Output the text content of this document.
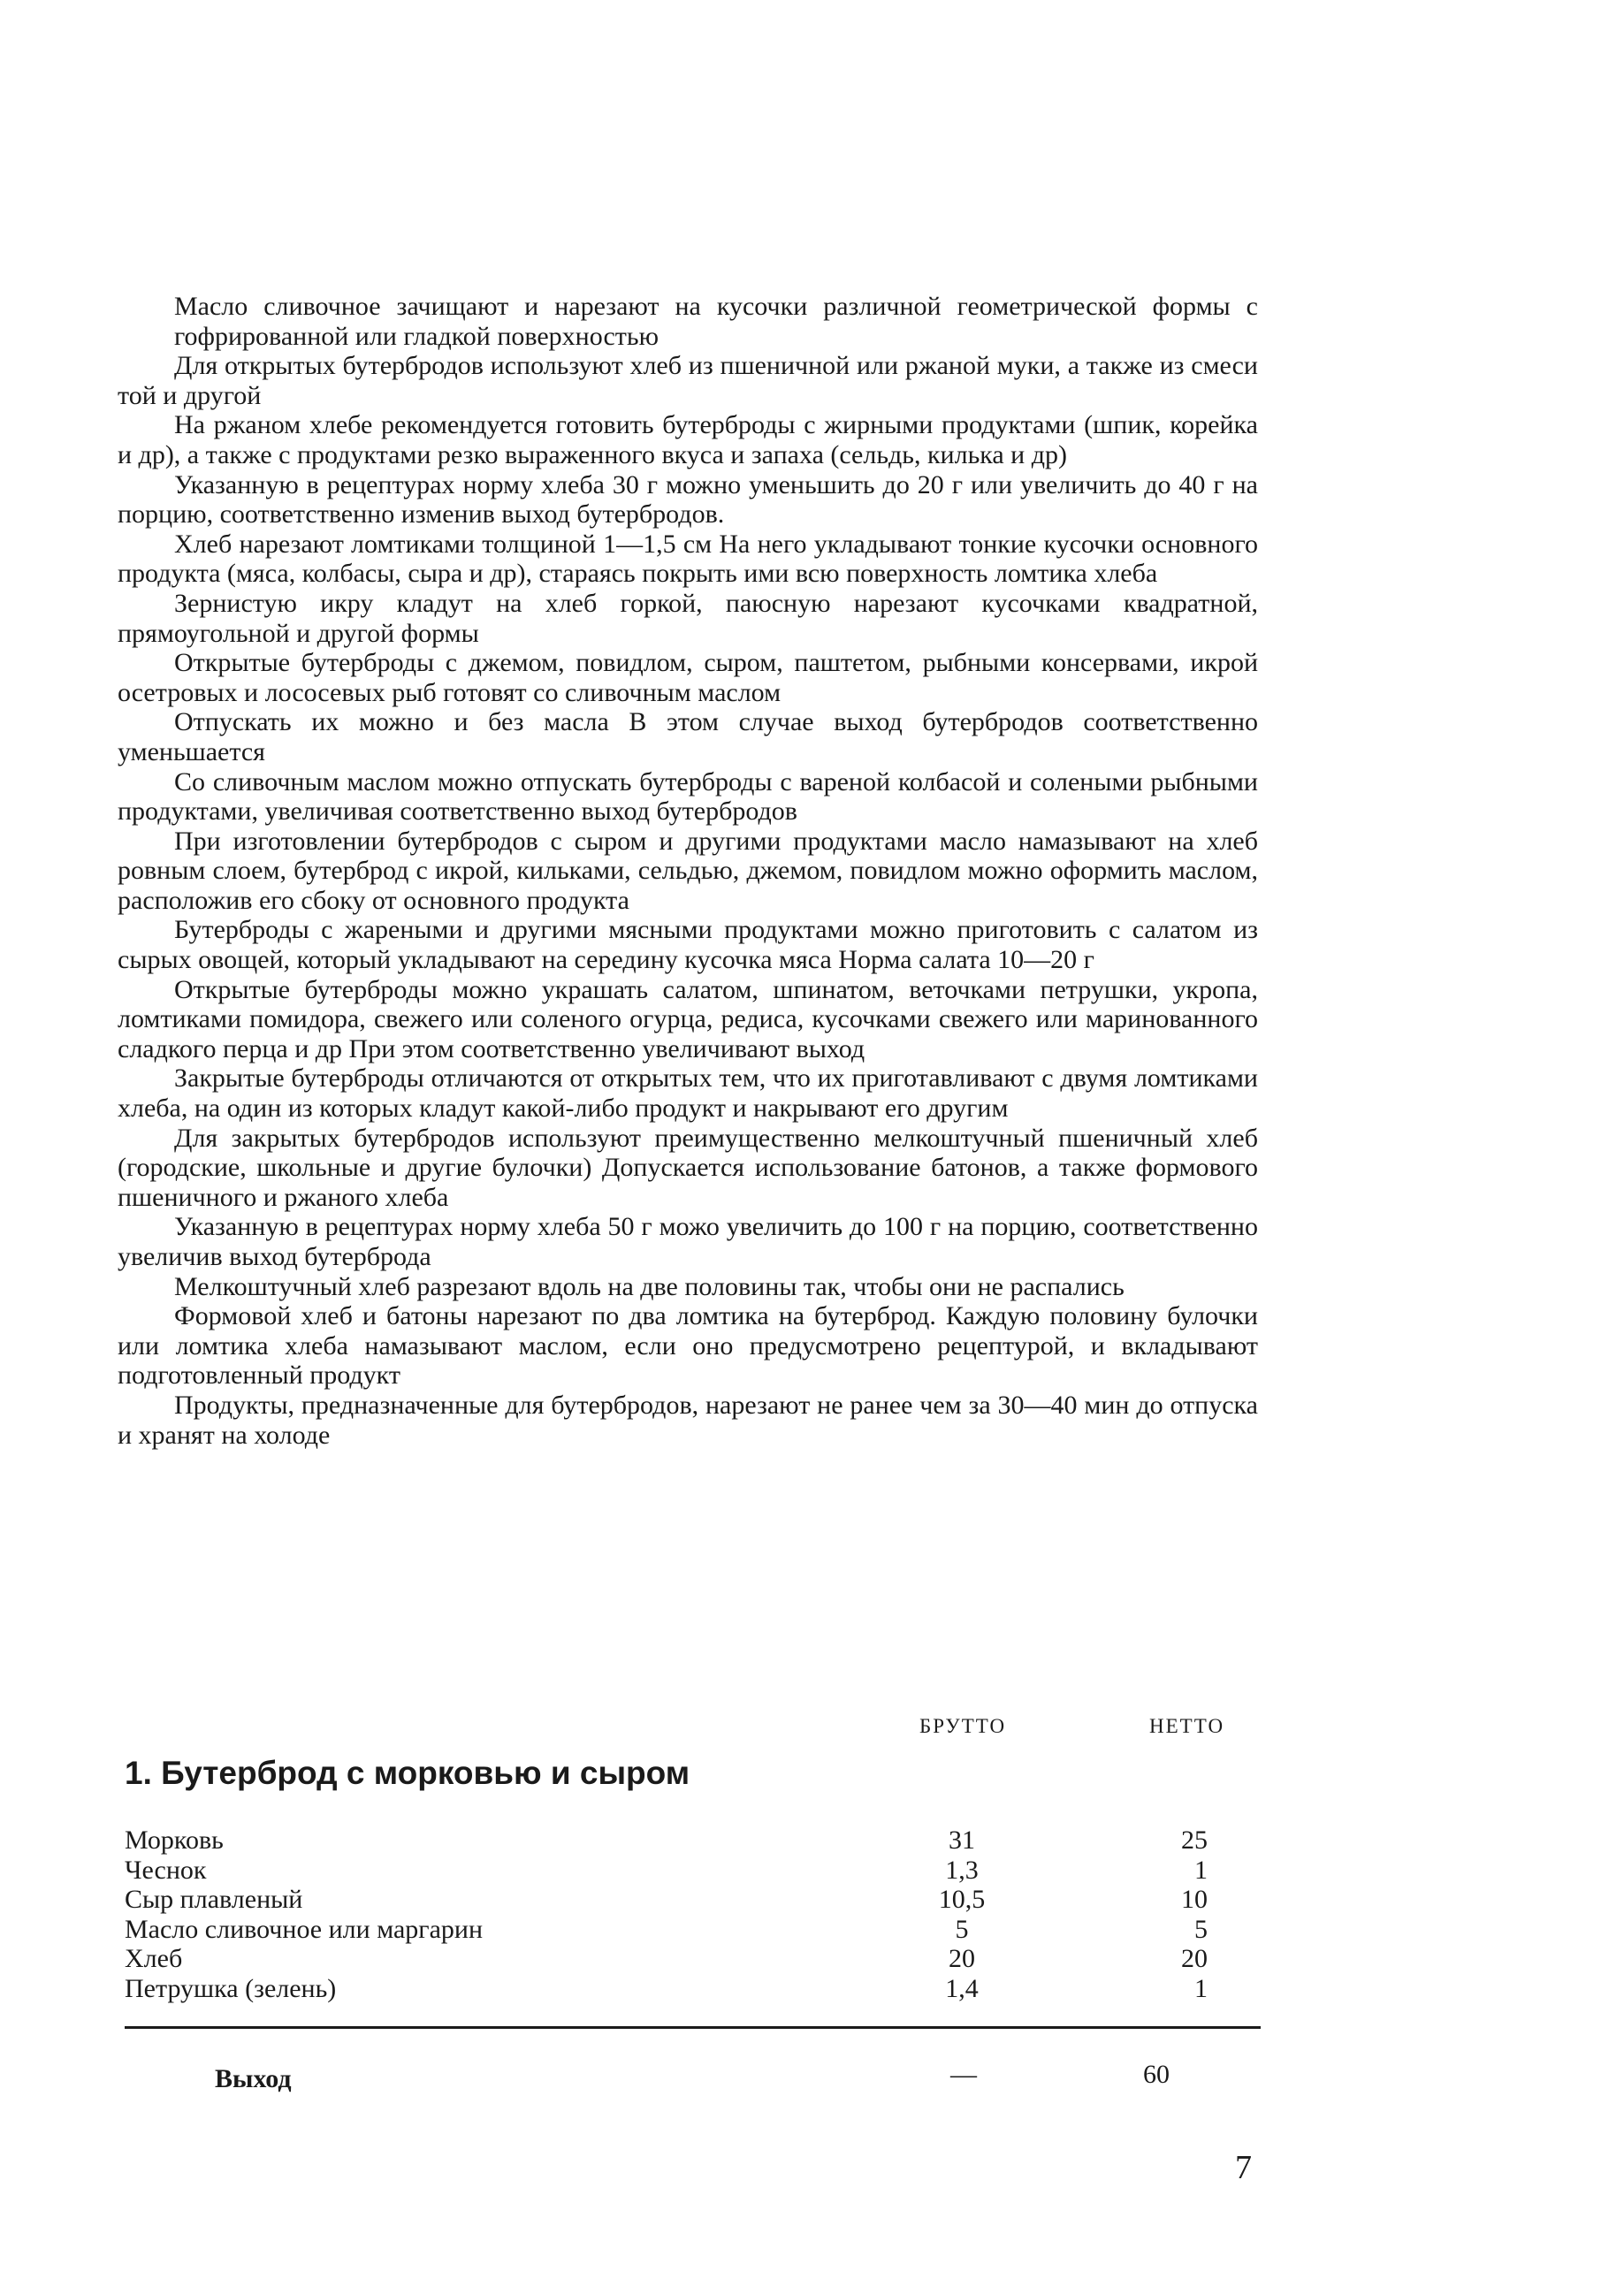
Масло сливочное зачищают и нарезают на кусочки различной геометрической формы с гофрированной или гладкой поверхностью

Для открытых бутербродов используют хлеб из пшеничной или ржаной муки, а также из смеси той и другой

На ржаном хлебе рекомендуется готовить бутерброды с жирными продуктами (шпик, корейка и др), а также с продуктами резко выраженного вкуса и запаха (сельдь, килька и др)

Указанную в рецептурах норму хлеба 30 г можно уменьшить до 20 г или увеличить до 40 г на порцию, соответственно изменив выход бутербродов.

Хлеб нарезают ломтиками толщиной 1—1,5 см На него укладывают тонкие кусочки основного продукта (мяса, колбасы, сыра и др), стараясь покрыть ими всю поверхность ломтика хлеба

Зернистую икру кладут на хлеб горкой, паюсную нарезают кусочками квадратной, прямоугольной и другой формы

Открытые бутерброды с джемом, повидлом, сыром, паштетом, рыбными консервами, икрой осетровых и лососевых рыб готовят со сливочным маслом

Отпускать их можно и без масла В этом случае выход бутербродов соответственно уменьшается

Со сливочным маслом можно отпускать бутерброды с вареной колбасой и солеными рыбными продуктами, увеличивая соответственно выход бутербродов

При изготовлении бутербродов с сыром и другими продуктами масло намазывают на хлеб ровным слоем, бутерброд с икрой, кильками, сельдью, джемом, повидлом можно оформить маслом, расположив его сбоку от основного продукта

Бутерброды с жареными и другими мясными продуктами можно приготовить с салатом из сырых овощей, который укладывают на середину кусочка мяса Норма салата 10—20 г

Открытые бутерброды можно украшать салатом, шпинатом, веточками петрушки, укропа, ломтиками помидора, свежего или соленого огурца, редиса, кусочками свежего или маринованного сладкого перца и др При этом соответственно увеличивают выход

Закрытые бутерброды отличаются от открытых тем, что их приготавливают с двумя ломтиками хлеба, на один из которых кладут какой-либо продукт и накрывают его другим

Для закрытых бутербродов используют преимущественно мелкоштучный пшеничный хлеб (городские, школьные и другие булочки) Допускается использование батонов, а также формового пшеничного и ржаного хлеба

Указанную в рецептурах норму хлеба 50 г можо увеличить до 100 г на порцию, соответственно увеличив выход бутерброда

Мелкоштучный хлеб разрезают вдоль на две половины так, чтобы они не распались

Формовой хлеб и батоны нарезают по два ломтика на бутерброд. Каждую половину булочки или ломтика хлеба намазывают маслом, если оно предусмотрено рецептурой, и вкладывают подготовленный продукт

Продукты, предназначенные для бутербродов, нарезают не ранее чем за 30—40 мин до отпуска и хранят на холоде

БРУТТО	НЕТТО
1. Бутерброд с морковью и сыром
Морковь	31	25
Чеснок	1,3	1
Сыр плавленый	10,5	10
Масло сливочное или маргарин	5	5
Хлеб	20	20
Петрушка (зелень)	1,4	1
Выход	—	60
7
